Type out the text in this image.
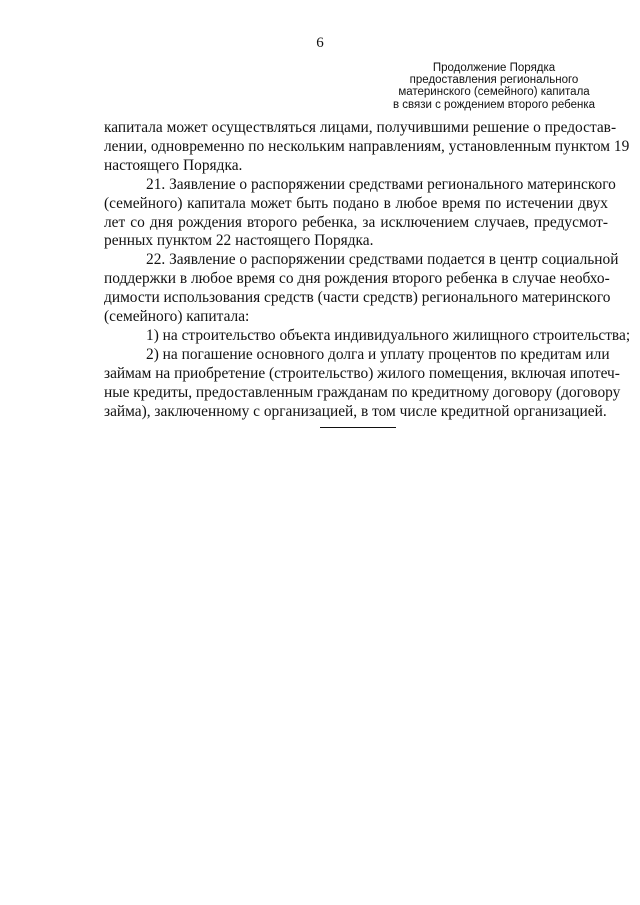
6
Продолжение Порядка
предоставления регионального
материнского (семейного) капитала
в связи с рождением второго ребенка
капитала может осуществляться лицами, получившими решение о предостав-
лении, одновременно по нескольким направлениям, установленным пунктом 19
настоящего Порядка.
21. Заявление о распоряжении средствами регионального материнского
(семейного) капитала может быть подано в любое время по истечении двух
лет со дня рождения второго ребенка, за исключением случаев, предусмот-
ренных пунктом 22 настоящего Порядка.
22. Заявление о распоряжении средствами подается в центр социальной
поддержки в любое время со дня рождения второго ребенка в случае необхо-
димости использования средств (части средств) регионального материнского
(семейного) капитала:
1) на строительство объекта индивидуального жилищного строительства;
2) на погашение основного долга и уплату процентов по кредитам или
займам на приобретение (строительство) жилого помещения, включая ипотеч-
ные кредиты, предоставленным гражданам по кредитному договору (договору
займа), заключенному с организацией, в том числе кредитной организацией.
